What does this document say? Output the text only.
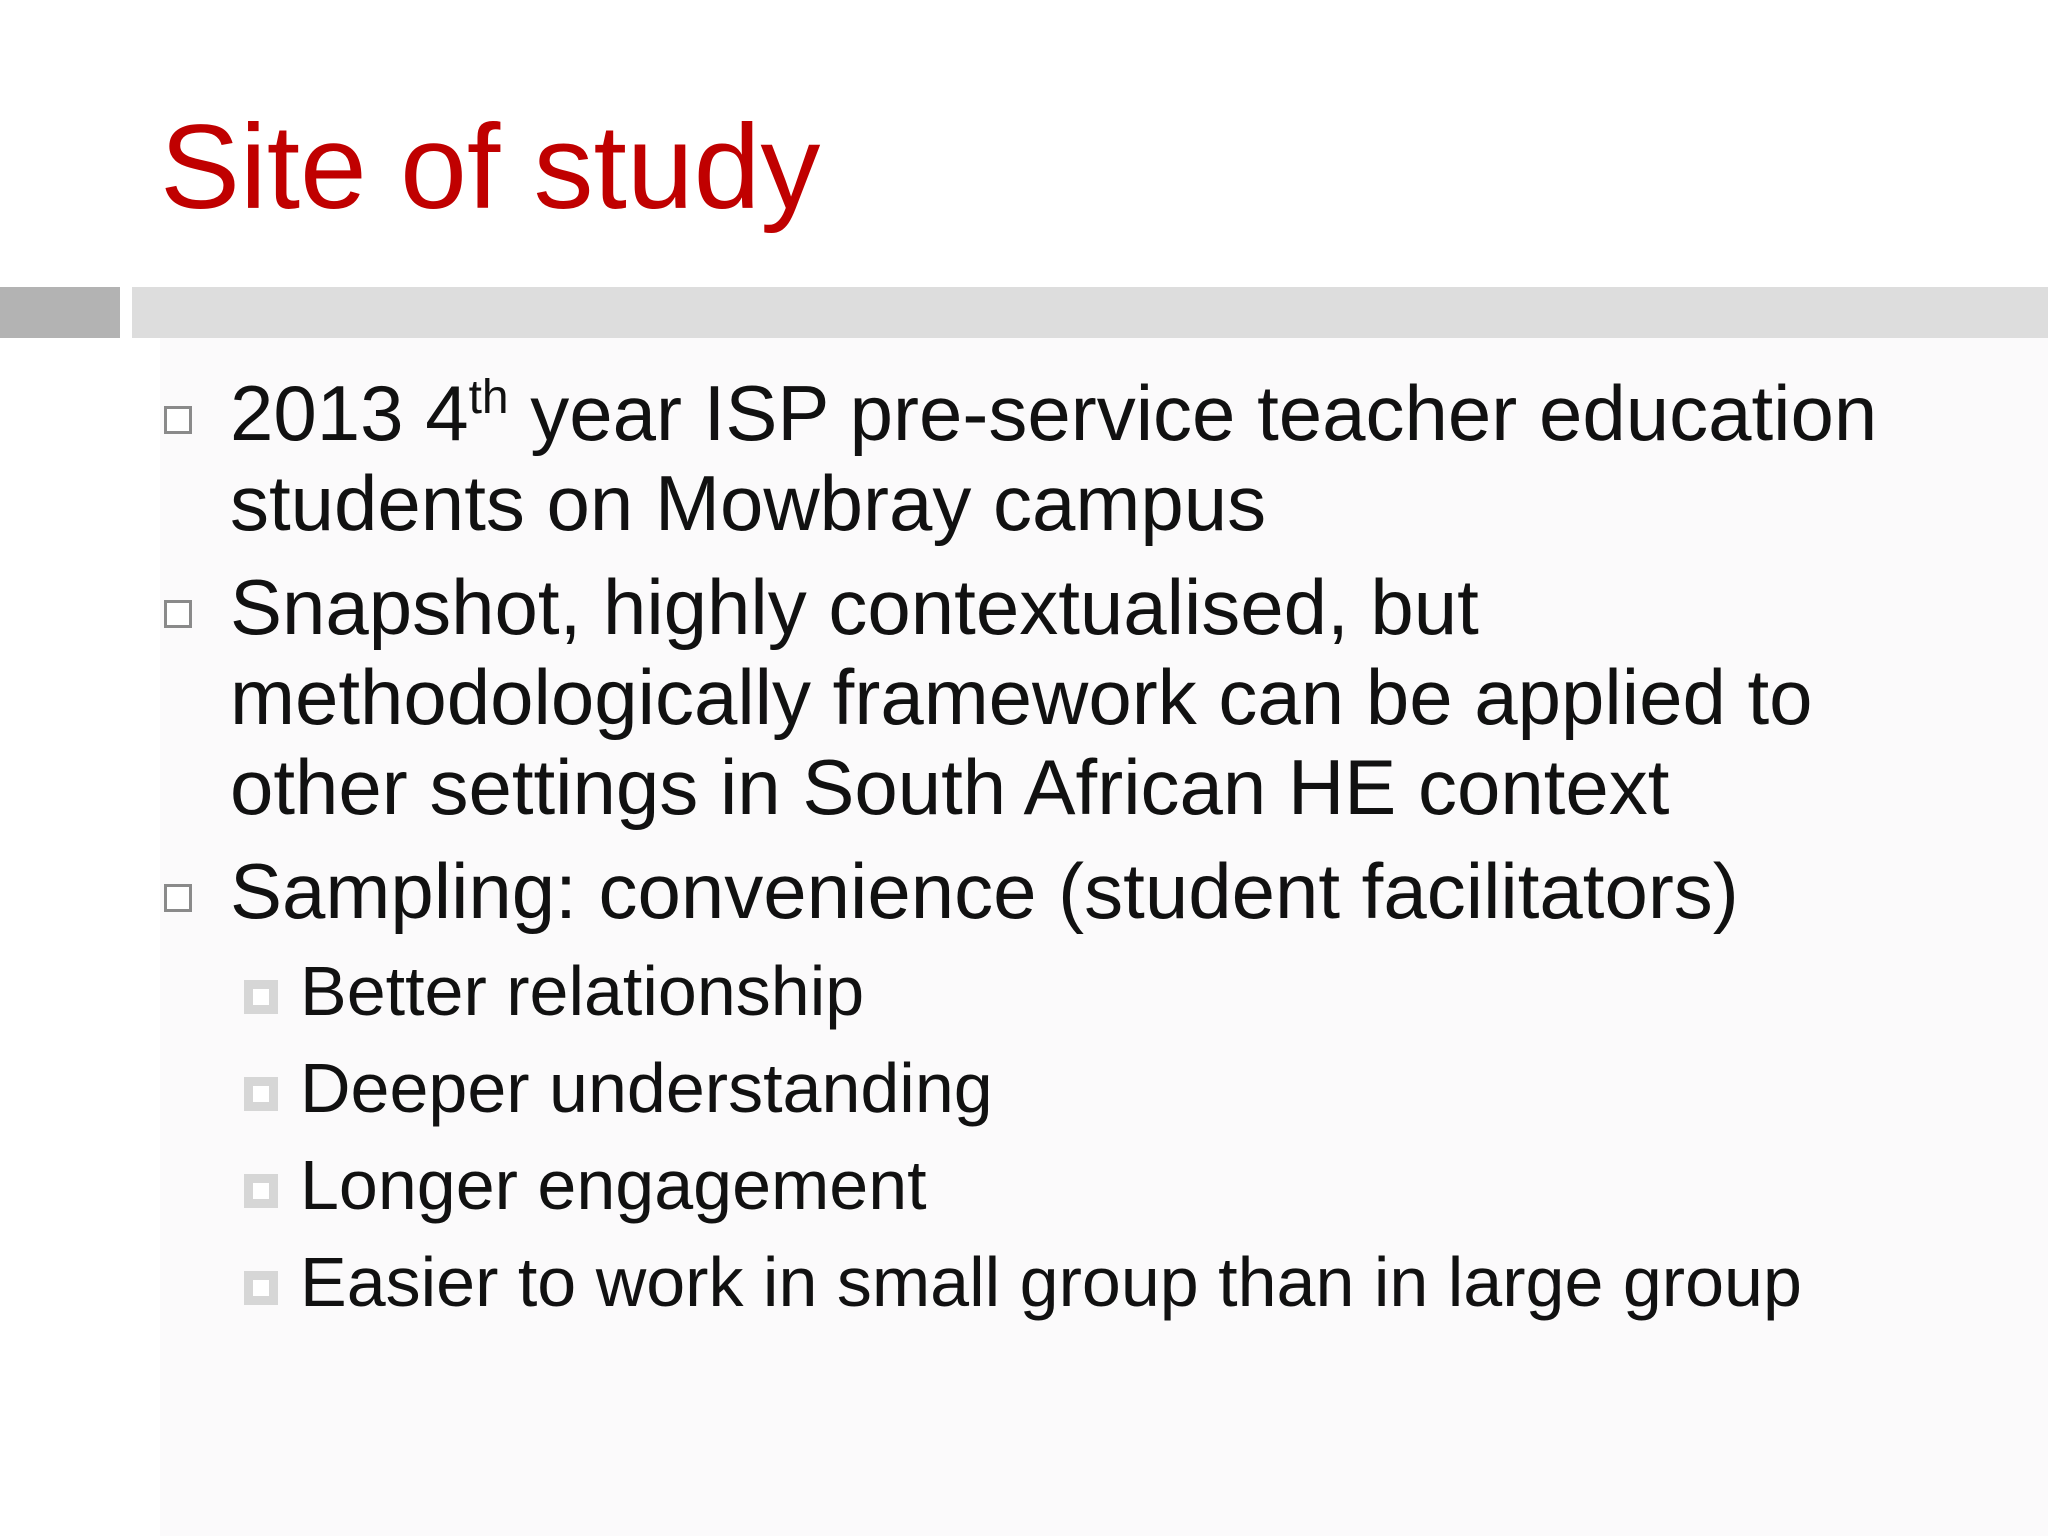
Site of study
2013 4th year ISP pre-service teacher education students on Mowbray campus
Snapshot, highly contextualised, but methodologically framework can be applied to other settings in South African HE context
Sampling: convenience (student facilitators)
Better relationship
Deeper understanding
Longer engagement
Easier to work in small group than in large group
